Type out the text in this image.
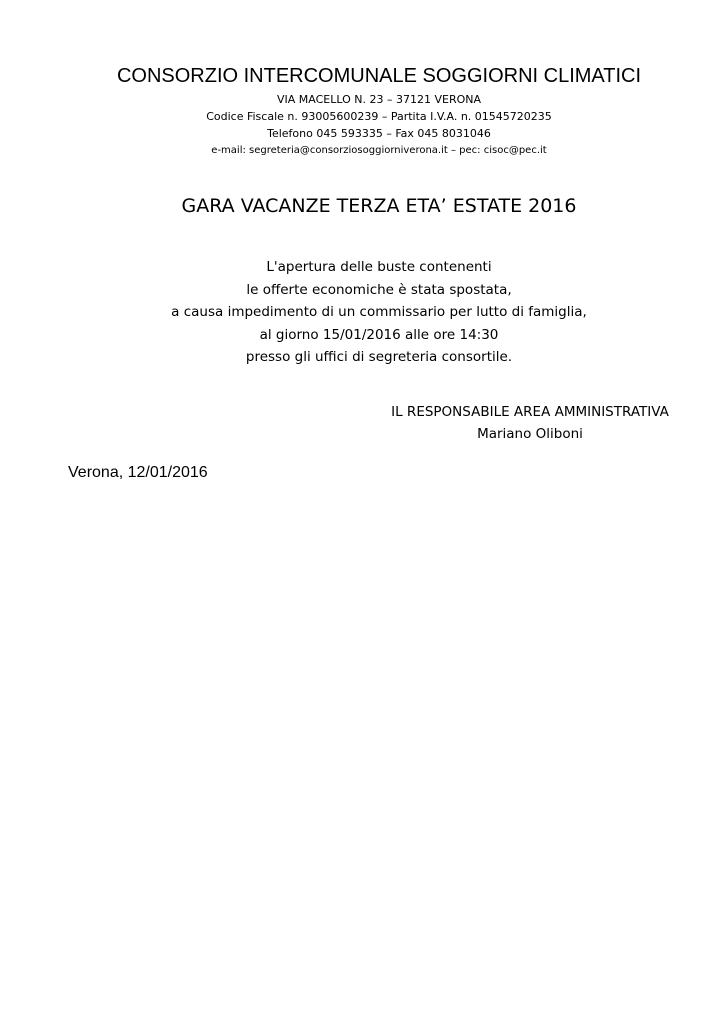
CONSORZIO INTERCOMUNALE SOGGIORNI CLIMATICI
VIA MACELLO N. 23 – 37121 VERONA
Codice Fiscale n. 93005600239 – Partita I.V.A. n. 01545720235
Telefono 045 593335 – Fax 045 8031046
e-mail: segreteria@consorziosoggiorniverona.it – pec: cisoc@pec.it
GARA VACANZE TERZA ETA’ ESTATE 2016
L'apertura delle buste contenenti
le offerte economiche è stata spostata,
a causa impedimento di un commissario per lutto di famiglia,
al giorno 15/01/2016 alle ore 14:30
presso gli uffici di segreteria consortile.
IL RESPONSABILE AREA AMMINISTRATIVA
Mariano Oliboni
Verona, 12/01/2016
